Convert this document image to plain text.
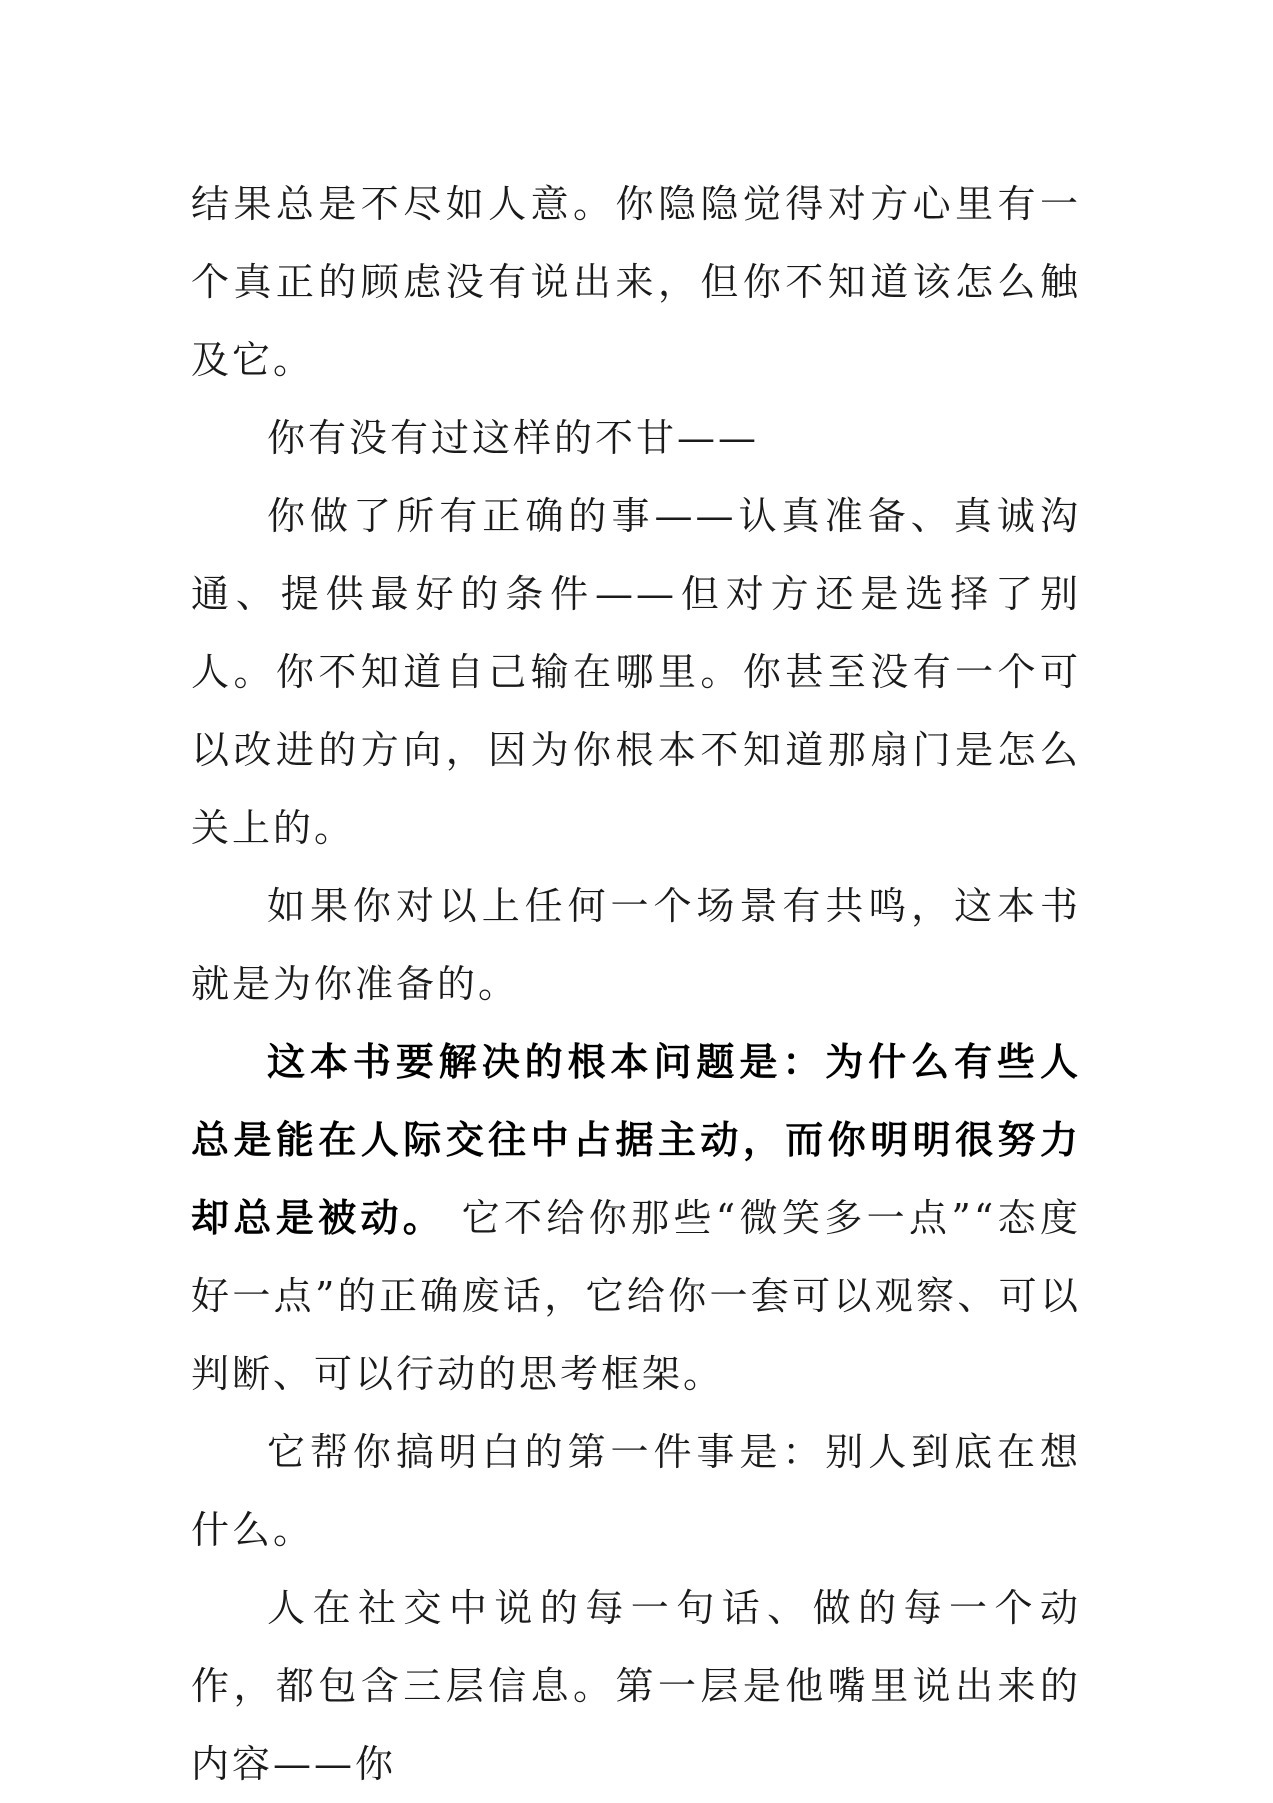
结果总是不尽如人意。你隐隐觉得对方心里有一个真正的顾虑没有说出来，但你不知道该怎么触及它。

你有没有过这样的不甘——

你做了所有正确的事——认真准备、真诚沟通、提供最好的条件——但对方还是选择了别人。你不知道自己输在哪里。你甚至没有一个可以改进的方向，因为你根本不知道那扇门是怎么关上的。

如果你对以上任何一个场景有共鸣，这本书就是为你准备的。

这本书要解决的根本问题是：为什么有些人总是能在人际交往中占据主动，而你明明很努力却总是被动。 它不给你那些“微笑多一点”“态度好一点”的正确废话，它给你一套可以观察、可以判断、可以行动的思考框架。

它帮你搞明白的第一件事是：别人到底在想什么。

人在社交中说的每一句话、做的每一个动作，都包含三层信息。第一层是他嘴里说出来的内容——你
